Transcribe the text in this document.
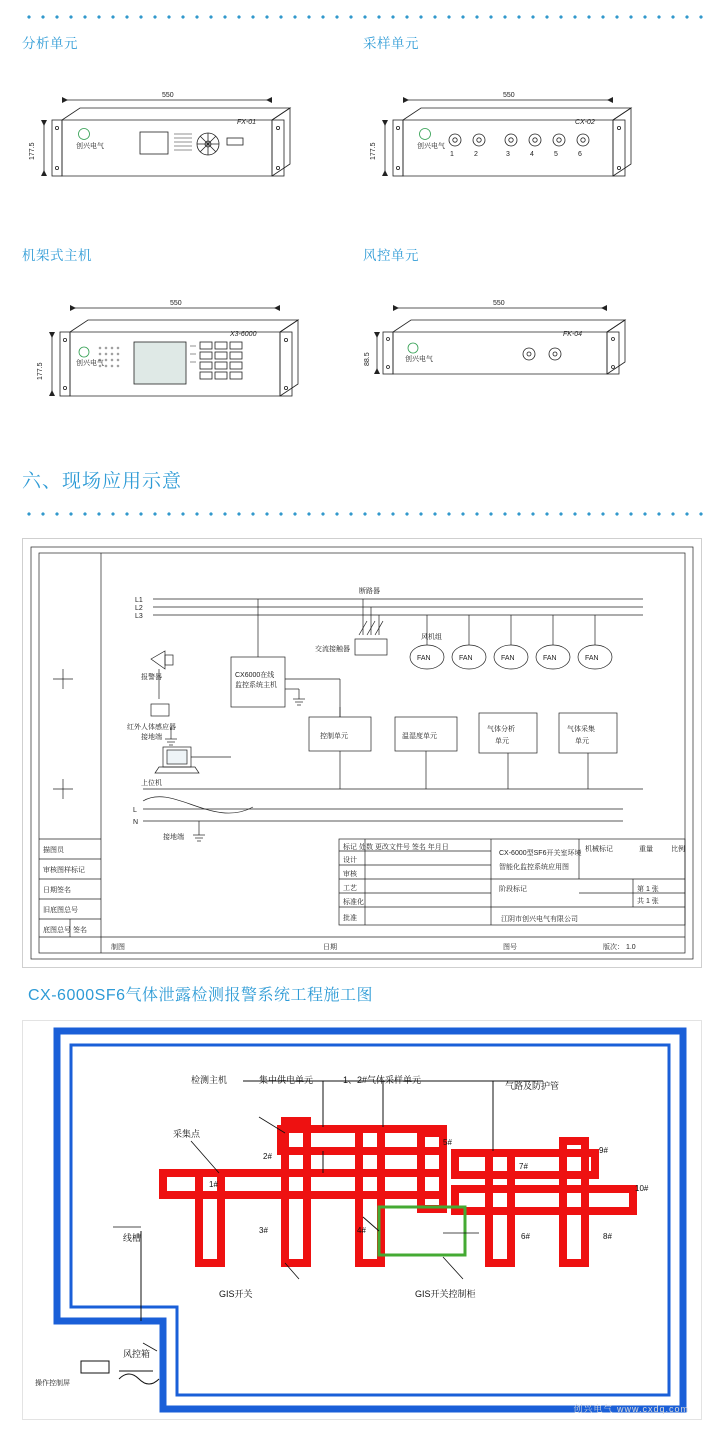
分析单元
550
177.5	创兴电气
FX-01
采样单元
550
177.5	1	2	3	4	5	6
创兴电气
CX-02
机架式主机
550
177.5	创兴电气
X3-6000
风控单元
550
88.5	创兴电气
FK-04
六、现场应用示意
描图员
审核图样标记
日期签名
旧底图总号
底图总号 签名
制图	日期	图号	版次： 1.0
L1
L2
L3
断路器
交流接触器
FAN	FAN	FAN	FAN	FAN
风机组
CX6000在线
监控系统主机
报警器
红外人体感应器
上位机
接地端	控制单元	温湿度单元
气体分析
单元
气体采集
单元
L
N
接地端
标记 处数 更改文件号 签名 年月日
设计
审核
工艺
标准化
批准
CX-6000型SF6开关室环境
智能化监控系统应用图
机械标记	重量	比例
阶段标记	第 1 张
共 1 张
江阴市创兴电气有限公司
CX-6000SF6气体泄露检测报警系统工程施工图
检测主机	集中供电单元	1、2#气体采样单元
气路及防护管
采集点
线槽
风控箱
操作控制屏
GIS开关	GIS开关控制柜
1#
2#
3#	4#
5#
6#
7#
8#
9#
10#
创兴电气 www.cxdq.com
